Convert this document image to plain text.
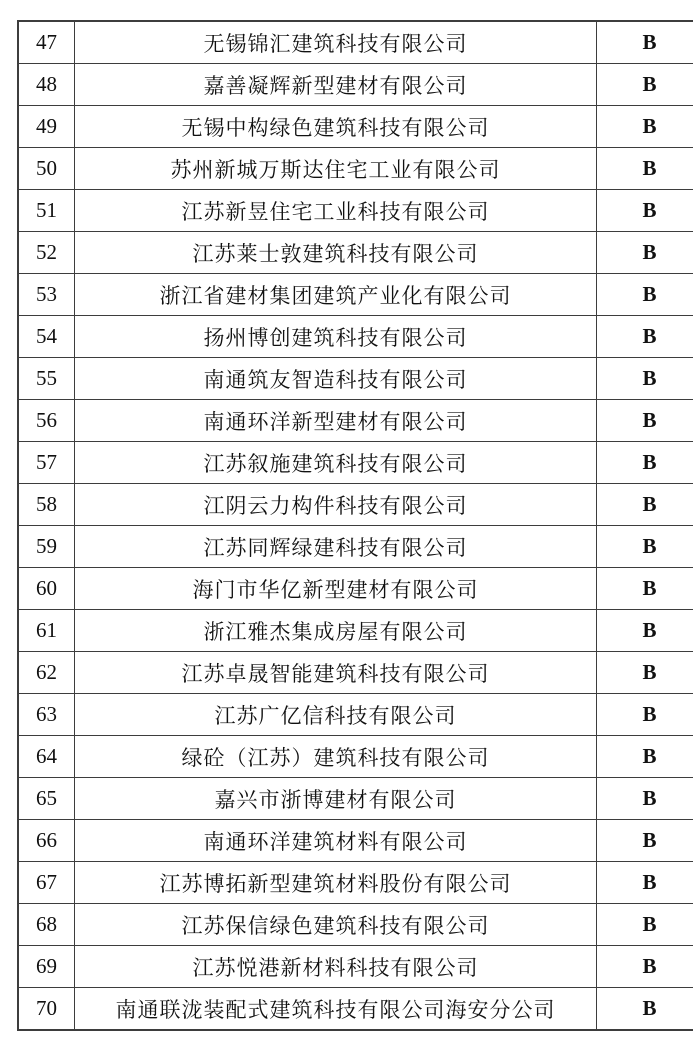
47	无锡锦汇建筑科技有限公司	B
48	嘉善凝辉新型建材有限公司	B
49	无锡中构绿色建筑科技有限公司	B
50	苏州新城万斯达住宅工业有限公司	B
51	江苏新昱住宅工业科技有限公司	B
52	江苏莱士敦建筑科技有限公司	B
53	浙江省建材集团建筑产业化有限公司	B
54	扬州博创建筑科技有限公司	B
55	南通筑友智造科技有限公司	B
56	南通环洋新型建材有限公司	B
57	江苏叙施建筑科技有限公司	B
58	江阴云力构件科技有限公司	B
59	江苏同辉绿建科技有限公司	B
60	海门市华亿新型建材有限公司	B
61	浙江雅杰集成房屋有限公司	B
62	江苏卓晟智能建筑科技有限公司	B
63	江苏广亿信科技有限公司	B
64	绿砼（江苏）建筑科技有限公司	B
65	嘉兴市浙博建材有限公司	B
66	南通环洋建筑材料有限公司	B
67	江苏博拓新型建筑材料股份有限公司	B
68	江苏保信绿色建筑科技有限公司	B
69	江苏悦港新材料科技有限公司	B
70	南通联泷装配式建筑科技有限公司海安分公司	B
